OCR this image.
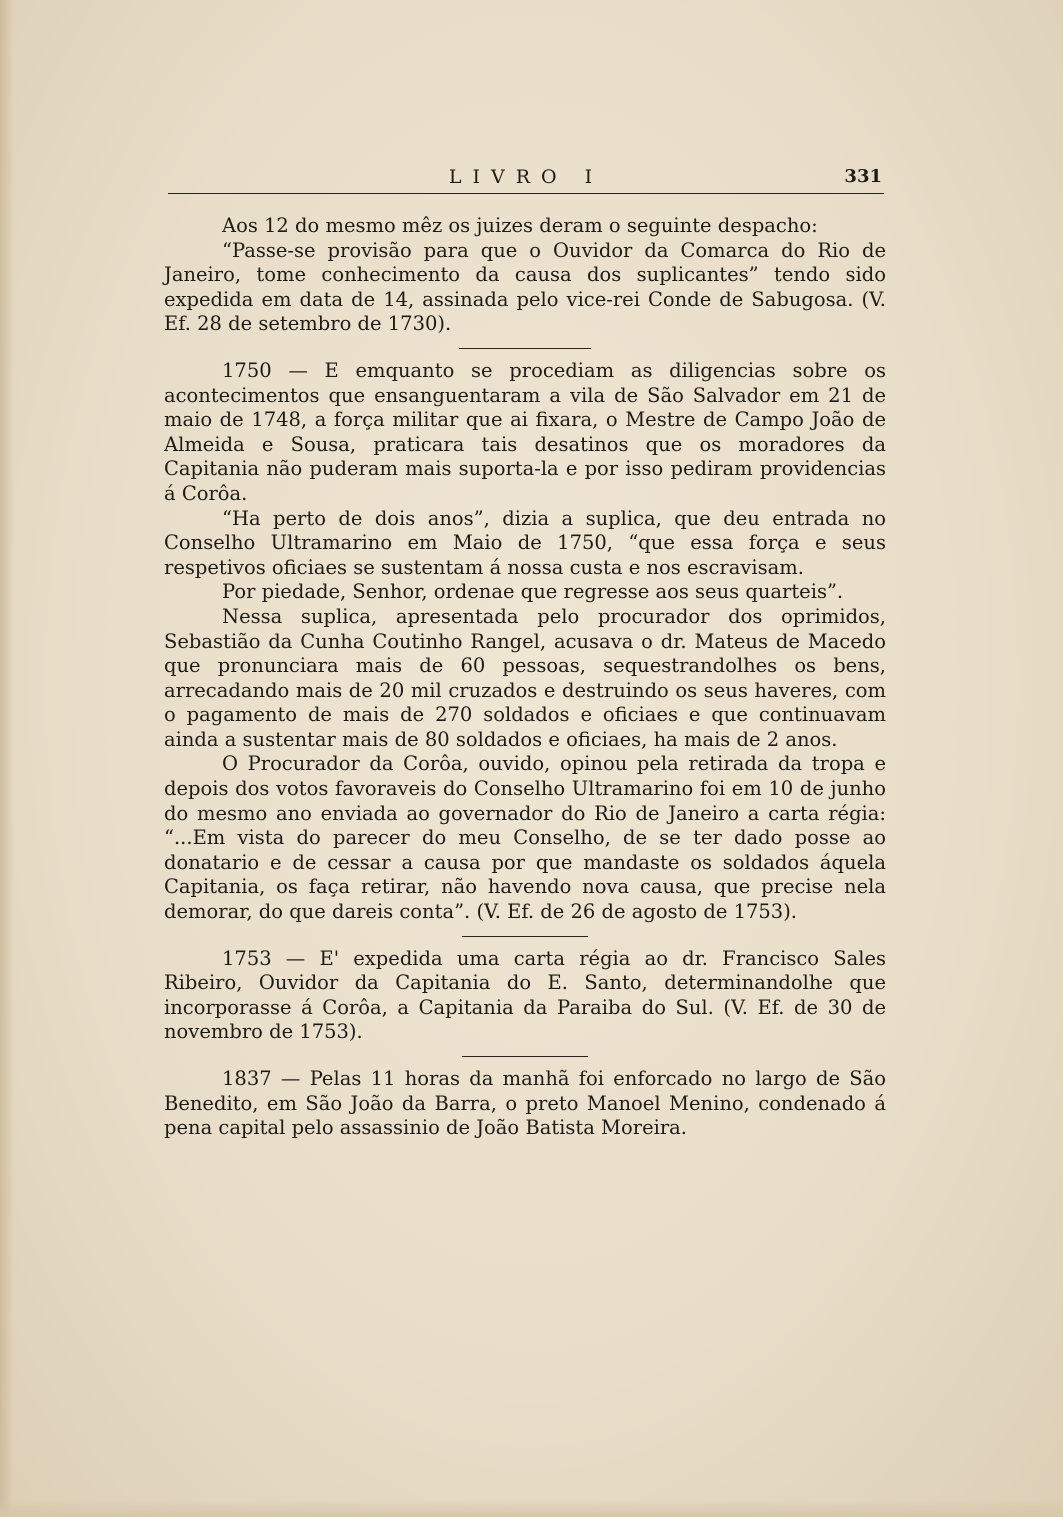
LIVRO I	331

Aos 12 do mesmo mêz os juizes deram o seguinte despacho:

“Passe-se provisão para que o Ouvidor da Comarca do Rio de Janeiro, tome conhecimento da causa dos suplicantes” tendo sido expedida em data de 14, assinada pelo vice-rei Conde de Sabugosa. (V. Ef. 28 de setembro de 1730).

1750 — E emquanto se procediam as diligencias sobre os acontecimentos que ensanguentaram a vila de São Salvador em 21 de maio de 1748, a força militar que ai fixara, o Mestre de Campo João de Almeida e Sousa, praticara tais desatinos que os moradores da Capitania não puderam mais suporta-la e por isso pediram providencias á Corôa.

“Ha perto de dois anos”, dizia a suplica, que deu entrada no Conselho Ultramarino em Maio de 1750, “que essa força e seus respetivos oficiaes se sustentam á nossa custa e nos escravisam.

Por piedade, Senhor, ordenae que regresse aos seus quarteis”.

Nessa suplica, apresentada pelo procurador dos oprimidos, Sebastião da Cunha Coutinho Rangel, acusava o dr. Mateus de Macedo que pronunciara mais de 60 pessoas, sequestrandolhes os bens, arrecadando mais de 20 mil cruzados e destruindo os seus haveres, com o pagamento de mais de 270 soldados e oficiaes e que continuavam ainda a sustentar mais de 80 soldados e oficiaes, ha mais de 2 anos.

O Procurador da Corôa, ouvido, opinou pela retirada da tropa e depois dos votos favoraveis do Conselho Ultramarino foi em 10 de junho do mesmo ano enviada ao governador do Rio de Janeiro a carta régia: “...Em vista do parecer do meu Conselho, de se ter dado posse ao donatario e de cessar a causa por que mandaste os soldados áquela Capitania, os faça retirar, não havendo nova causa, que precise nela demorar, do que dareis conta”. (V. Ef. de 26 de agosto de 1753).

1753 — E' expedida uma carta régia ao dr. Francisco Sales Ribeiro, Ouvidor da Capitania do E. Santo, determinandolhe que incorporasse á Corôa, a Capitania da Paraiba do Sul. (V. Ef. de 30 de novembro de 1753).

1837 — Pelas 11 horas da manhã foi enforcado no largo de São Benedito, em São João da Barra, o preto Manoel Menino, condenado á pena capital pelo assassinio de João Batista Moreira.
